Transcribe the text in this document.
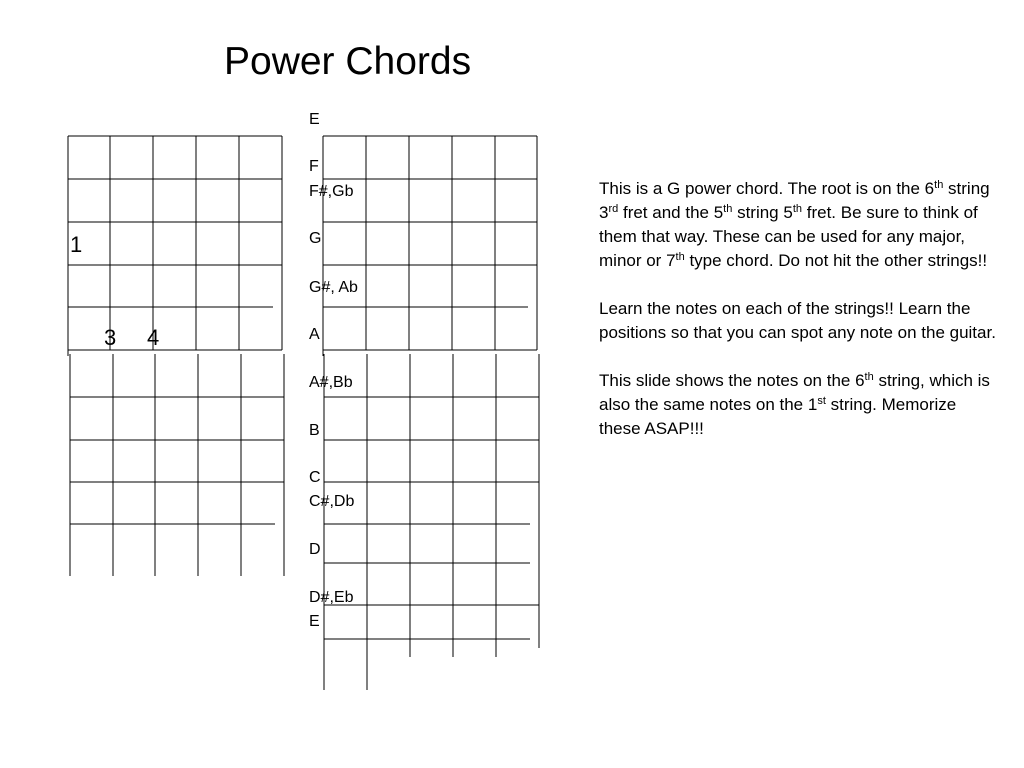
Power Chords
1
3 4
E
F
F#,Gb
G
G#, Ab
A
A#,Bb
B
C
C#,Db
D
D#,Eb
E

This is a G power chord. The root is on the 6th string 3rd fret and the 5th string 5th fret. Be sure to think of them that way. These can be used for any major, minor or 7th type chord. Do not hit the other strings!!

Learn the notes on each of the strings!! Learn the positions so that you can spot any note on the guitar.

This slide shows the notes on the 6th string, which is also the same notes on the 1st string. Memorize these ASAP!!!
